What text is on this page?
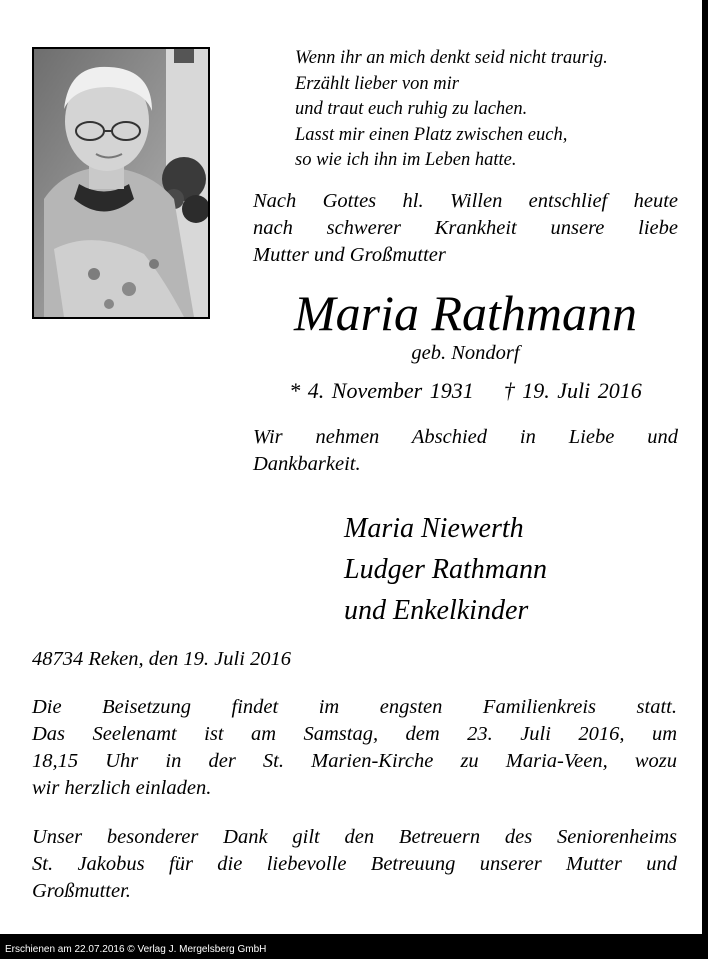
Wenn ihr an mich denkt seid nicht traurig.
Erzählt lieber von mir
und traut euch ruhig zu lachen.
Lasst mir einen Platz zwischen euch,
so wie ich ihn im Leben hatte.
Nach Gottes hl. Willen entschlief heute
nach schwerer Krankheit unsere liebe
Mutter und Großmutter
Maria Rathmann
geb. Nondorf
* 4. November 1931    † 19. Juli 2016
Wir nehmen Abschied in Liebe und
Dankbarkeit.
Maria Niewerth
Ludger Rathmann
und Enkelkinder
48734 Reken, den 19. Juli 2016
Die Beisetzung findet im engsten Familienkreis statt.
Das Seelenamt ist am Samstag, dem 23. Juli 2016, um
18,15 Uhr in der St. Marien-Kirche zu Maria-Veen, wozu
wir herzlich einladen.
Unser besonderer Dank gilt den Betreuern des Seniorenheims
St. Jakobus für die liebevolle Betreuung unserer Mutter und
Großmutter.
Erschienen am 22.07.2016 © Verlag J. Mergelsberg GmbH
